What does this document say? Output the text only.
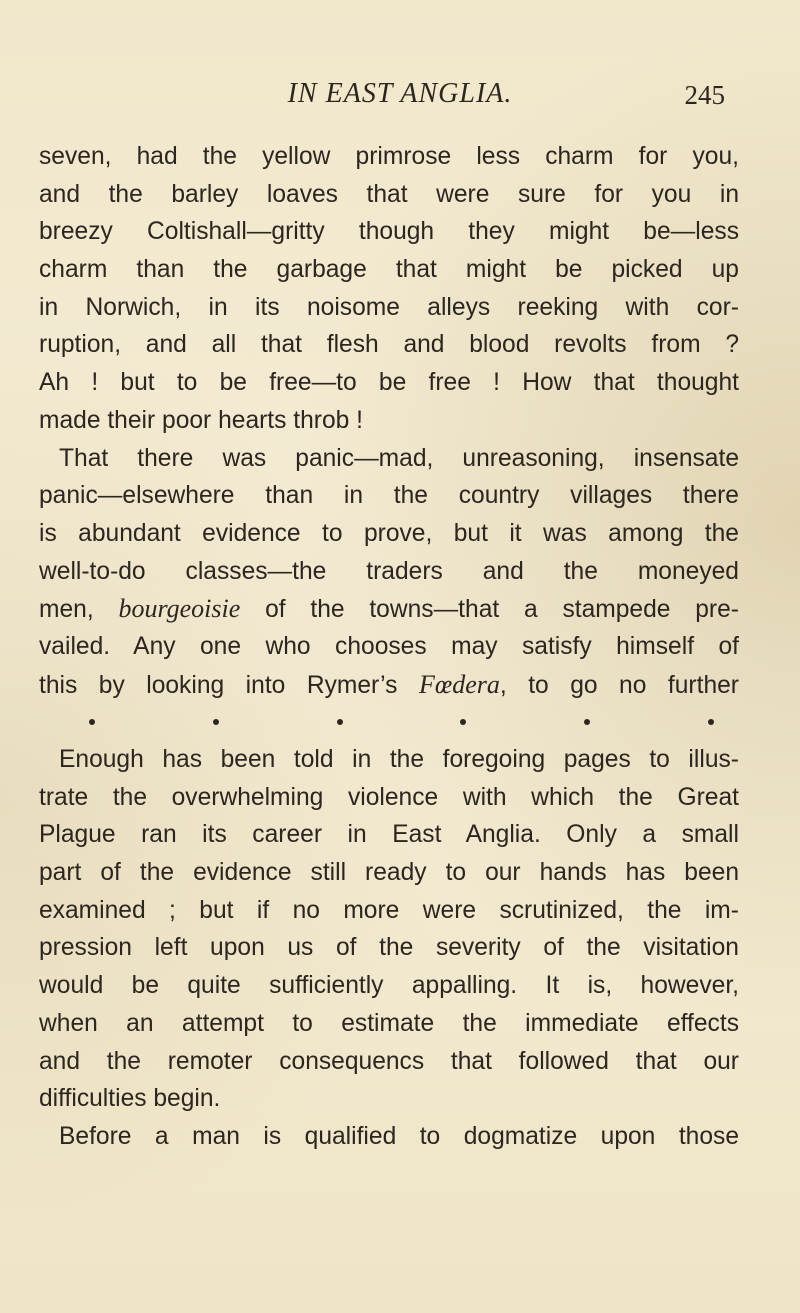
IN EAST ANGLIA.	245
seven, had the yellow primrose less charm for you,
and the barley loaves that were sure for you in
breezy Coltishall—gritty though they might be—less
charm than the garbage that might be picked up
in Norwich, in its noisome alleys reeking with cor-
ruption, and all that flesh and blood revolts from ?
Ah ! but to be free—to be free ! How that thought
made their poor hearts throb !
That there was panic—mad, unreasoning, insensate
panic—elsewhere than in the country villages there
is abundant evidence to prove, but it was among the
well-to-do classes—the traders and the moneyed
men, bourgeoisie of the towns—that a stampede pre-
vailed. Any one who chooses may satisfy himself of
this by looking into Rymer’s Fœdera, to go no further
Enough has been told in the foregoing pages to illus-
trate the overwhelming violence with which the Great
Plague ran its career in East Anglia. Only a small
part of the evidence still ready to our hands has been
examined ; but if no more were scrutinized, the im-
pression left upon us of the severity of the visitation
would be quite sufficiently appalling. It is, however,
when an attempt to estimate the immediate effects
and the remoter consequencs that followed that our
difficulties begin.
Before a man is qualified to dogmatize upon those
